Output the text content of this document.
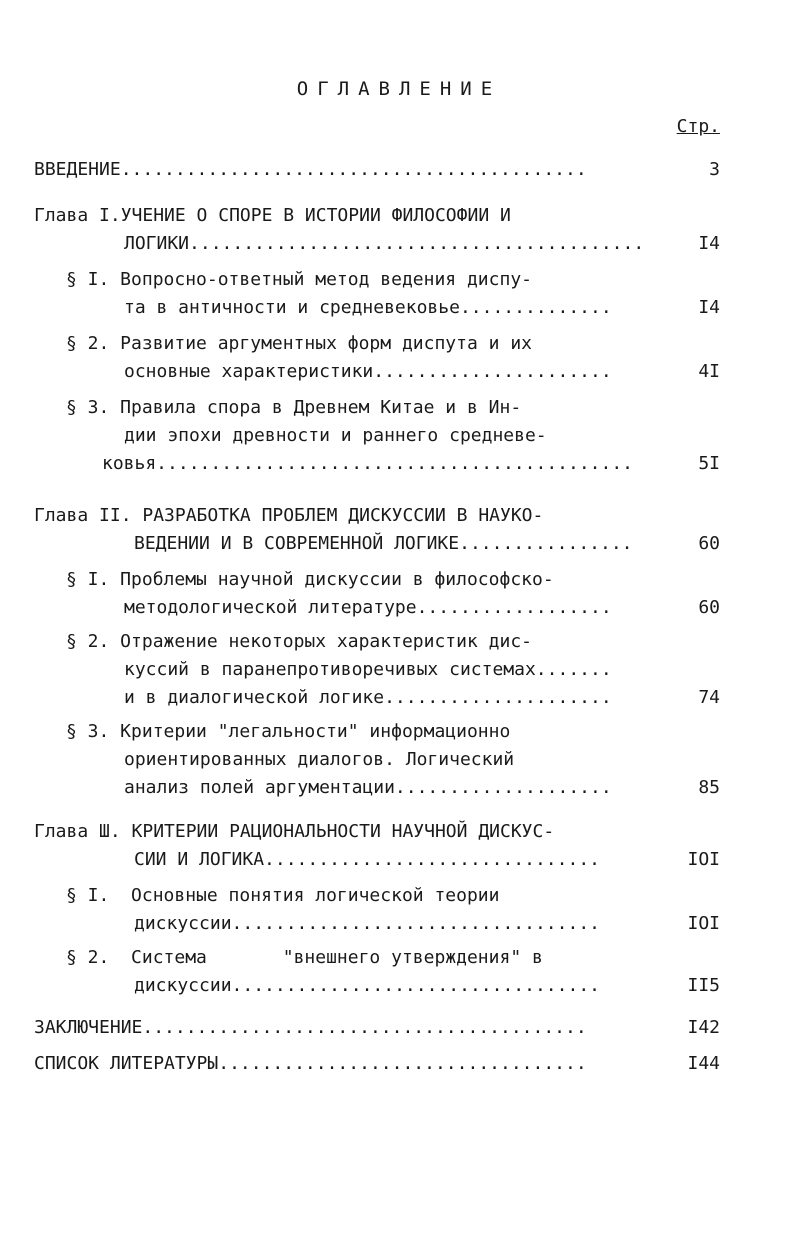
ОГЛАВЛЕНИЕ
Стр.
ВВЕДЕНИЕ...........................................	3
Глава I.УЧЕНИЕ О СПОРЕ В ИСТОРИИ ФИЛОСОФИИ И
ЛОГИКИ..........................................	I4
§ I. Вопросно-ответный метод ведения диспу-
та в античности и средневековье..............	I4
§ 2. Развитие аргументных форм диспута и их
основные характеристики......................	4I
§ 3. Правила спора в Древнем Китае и в Ин-
дии эпохи древности и раннего средневе-
ковья............................................	5I
Глава II. РАЗРАБОТКА ПРОБЛЕМ ДИСКУССИИ В НАУКО-
ВЕДЕНИИ И В СОВРЕМЕННОЙ ЛОГИКЕ................	60
§ I. Проблемы научной дискуссии в философско-
методологической литературе..................	60
§ 2. Отражение некоторых характеристик дис-
куссий в паранепротиворечивых системах.......
и в диалогической логике.....................	74
§ 3. Критерии "легальности" информационно
ориентированных диалогов. Логический
анализ полей аргументации....................	85
Глава Ш. КРИТЕРИИ РАЦИОНАЛЬНОСТИ НАУЧНОЙ ДИСКУС-
СИИ И ЛОГИКА...............................	IOI
§ I.  Основные понятия логической теории
дискуссии..................................	IOI
§ 2.  Система       "внешнего утверждения" в
дискуссии..................................	II5
ЗАКЛЮЧЕНИЕ.........................................	I42
СПИСОК ЛИТЕРАТУРЫ..................................	I44
